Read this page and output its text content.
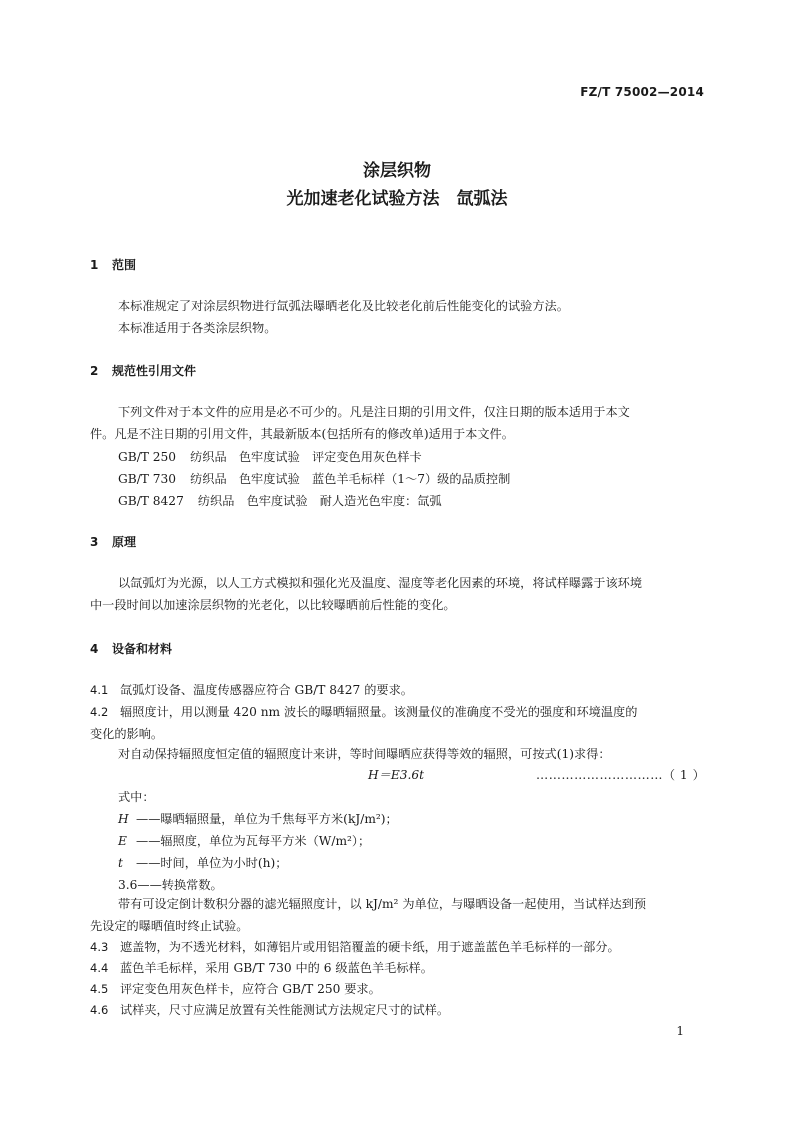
FZ/T 75002—2014
涂层织物
光加速老化试验方法　氙弧法
1 范围
本标准规定了对涂层织物进行氙弧法曝晒老化及比较老化前后性能变化的试验方法。
本标准适用于各类涂层织物。
2 规范性引用文件
下列文件对于本文件的应用是必不可少的。凡是注日期的引用文件，仅注日期的版本适用于本文
件。凡是不注日期的引用文件，其最新版本(包括所有的修改单)适用于本文件。
GB/T 250 纺织品　色牢度试验　评定变色用灰色样卡
GB/T 730 纺织品　色牢度试验　蓝色羊毛标样（1～7）级的品质控制
GB/T 8427 纺织品　色牢度试验　耐人造光色牢度：氙弧
3 原理
以氙弧灯为光源，以人工方式模拟和强化光及温度、湿度等老化因素的环境，将试样曝露于该环境
中一段时间以加速涂层织物的光老化，以比较曝晒前后性能的变化。
4 设备和材料
4.1 氙弧灯设备、温度传感器应符合 GB/T 8427 的要求。
4.2 辐照度计，用以测量 420 nm 波长的曝晒辐照量。该测量仪的准确度不受光的强度和环境温度的
变化的影响。
对自动保持辐照度恒定值的辐照度计来讲，等时间曝晒应获得等效的辐照，可按式(1)求得：
H＝E3.6t	…………………………（ 1 ）
式中：
H ——曝晒辐照量，单位为千焦每平方米(kJ/m²)；
E ——辐照度，单位为瓦每平方米（W/m²）；
t ——时间，单位为小时(h)；
3.6——转换常数。
带有可设定倒计数积分器的滤光辐照度计，以 kJ/m² 为单位，与曝晒设备一起使用，当试样达到预
先设定的曝晒值时终止试验。
4.3 遮盖物，为不透光材料，如薄铝片或用铝箔覆盖的硬卡纸，用于遮盖蓝色羊毛标样的一部分。
4.4 蓝色羊毛标样，采用 GB/T 730 中的 6 级蓝色羊毛标样。
4.5 评定变色用灰色样卡，应符合 GB/T 250 要求。
4.6 试样夹，尺寸应满足放置有关性能测试方法规定尺寸的试样。
1
